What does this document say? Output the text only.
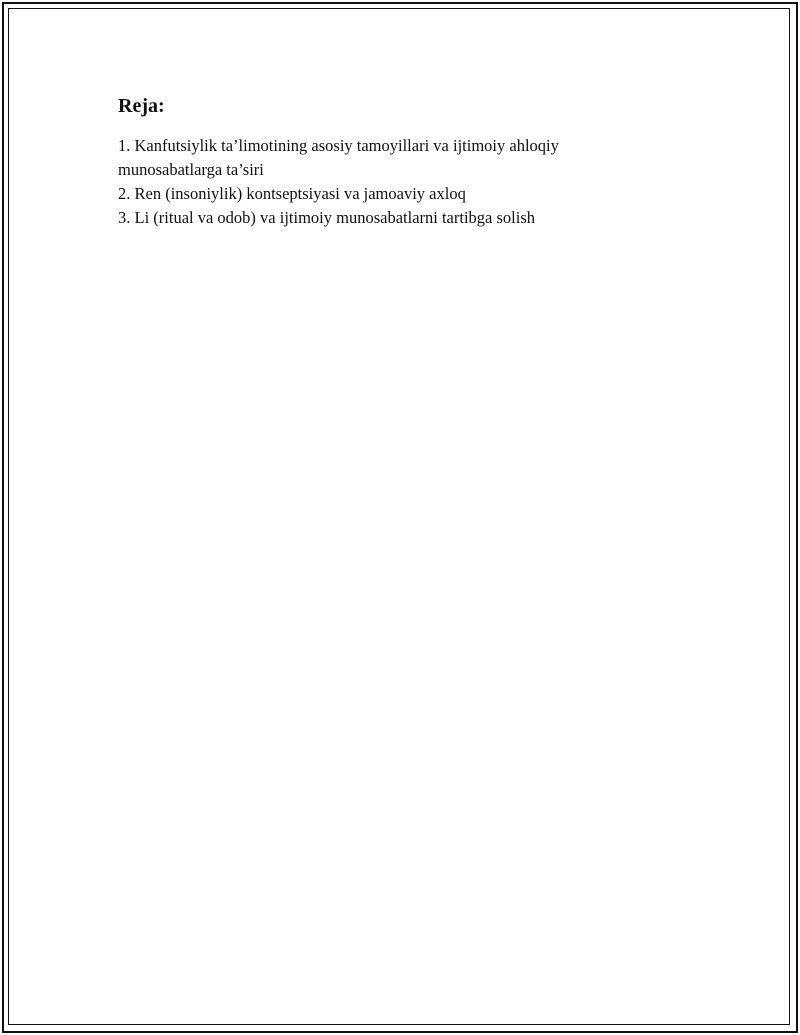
Reja:
1. Kanfutsiylik ta’limotining asosiy tamoyillari va ijtimoiy ahloqiy munosabatlarga ta’siri
2. Ren (insoniylik) kontseptsiyasi va jamoaviy axloq
3. Li (ritual va odob) va ijtimoiy munosabatlarni tartibga solish
